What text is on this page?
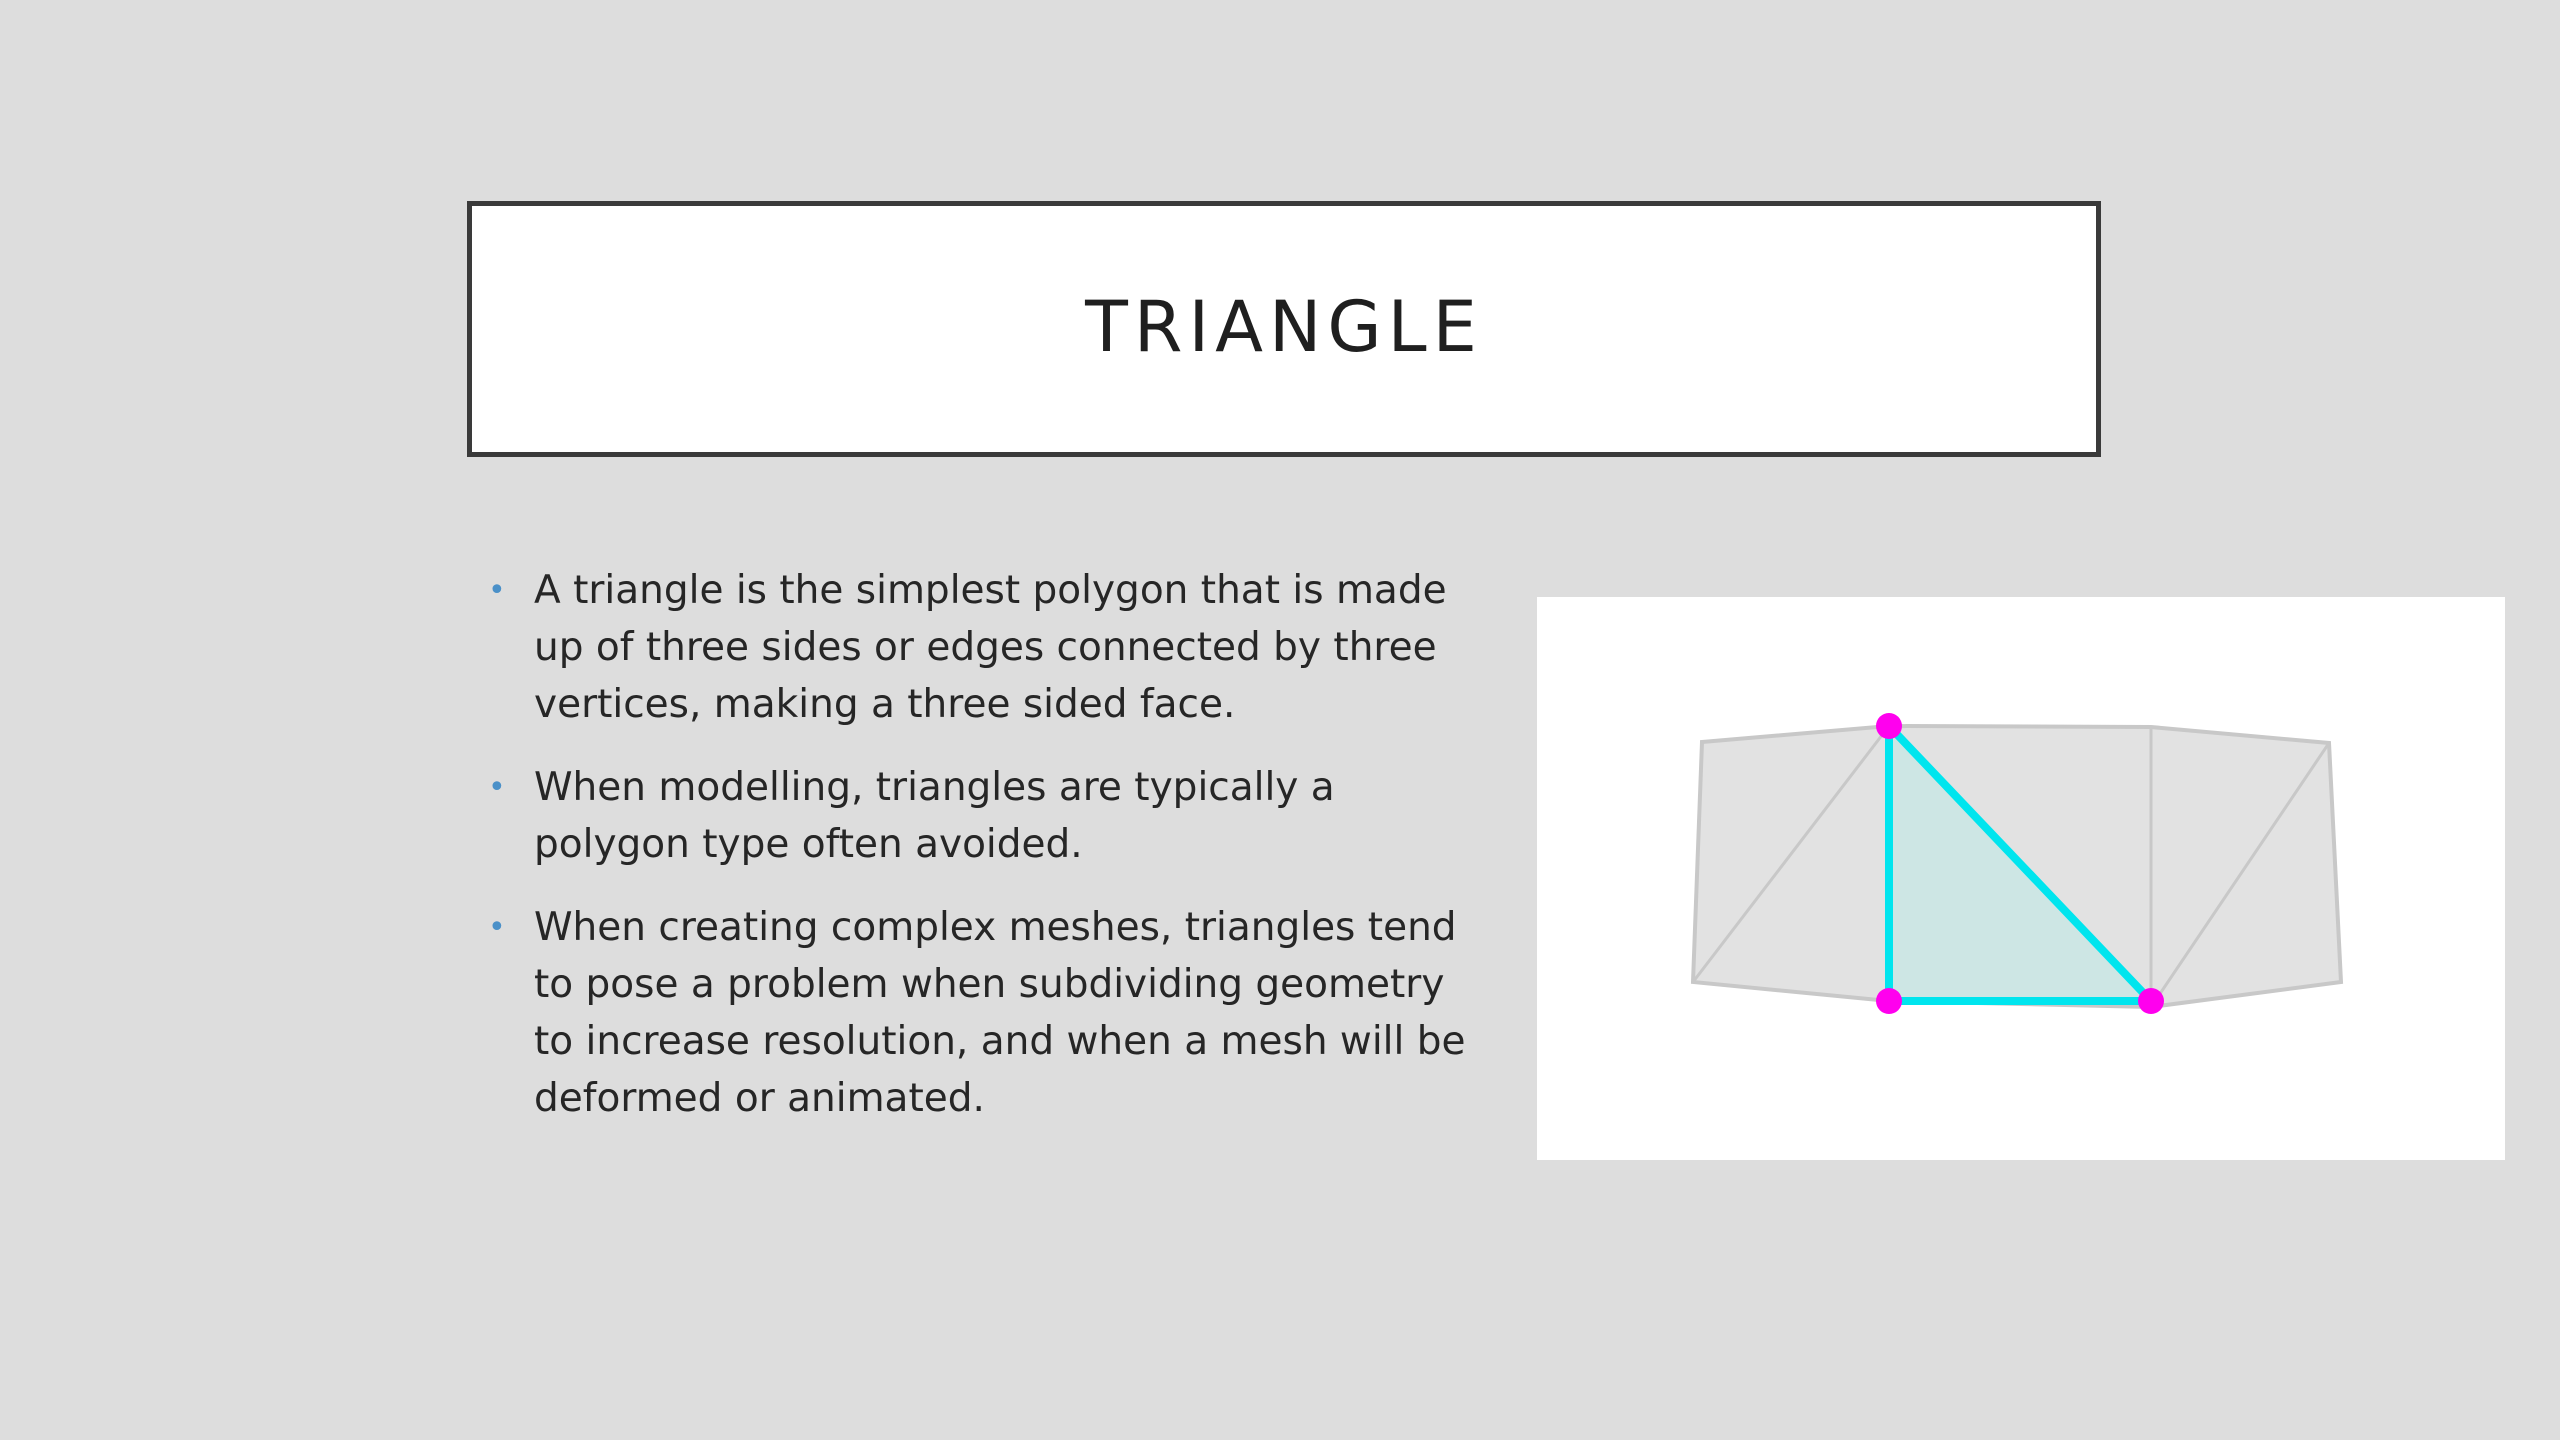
TRIANGLE
• A triangle is the simplest polygon that is made up of three sides or edges connected by three vertices, making a three sided face.
• When modelling, triangles are typically a polygon type often avoided.
• When creating complex meshes, triangles tend to pose a problem when subdividing geometry to increase resolution, and when a mesh will be deformed or animated.
